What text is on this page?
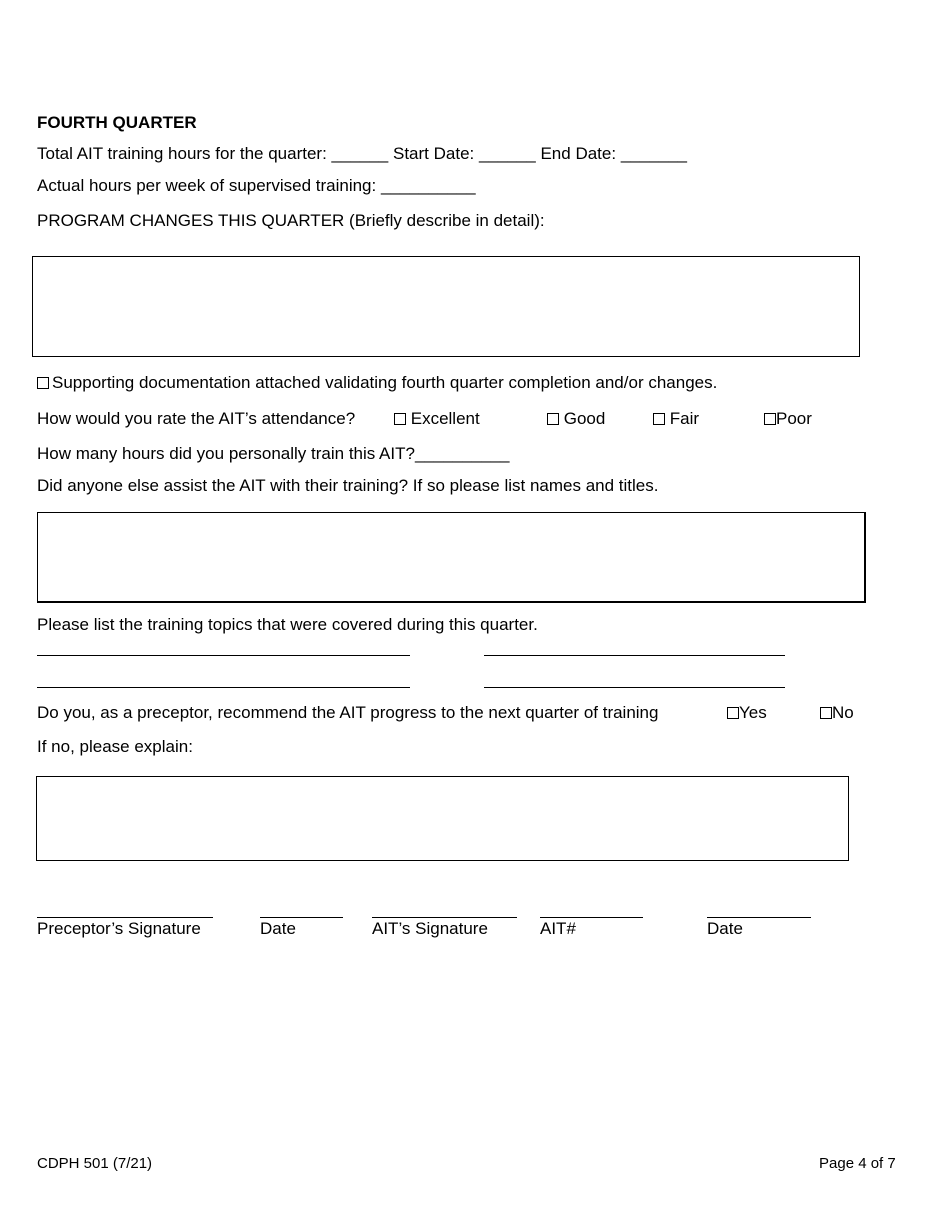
FOURTH QUARTER
Total AIT training hours for the quarter: ______ Start Date: ______ End Date: _______
Actual hours per week of supervised training: __________
PROGRAM CHANGES THIS QUARTER (Briefly describe in detail):
Supporting documentation attached validating fourth quarter completion and/or changes.
How would you rate the AIT’s attendance?	Excellent	Good	Fair	Poor
How many hours did you personally train this AIT?__________
Did anyone else assist the AIT with their training? If so please list names and titles.
Please list the training topics that were covered during this quarter.
Do you, as a preceptor, recommend the AIT progress to the next quarter of training	Yes	No
If no, please explain:
Preceptor’s Signature	Date	AIT’s Signature	AIT#	Date
CDPH 501 (7/21)	Page 4 of 7
